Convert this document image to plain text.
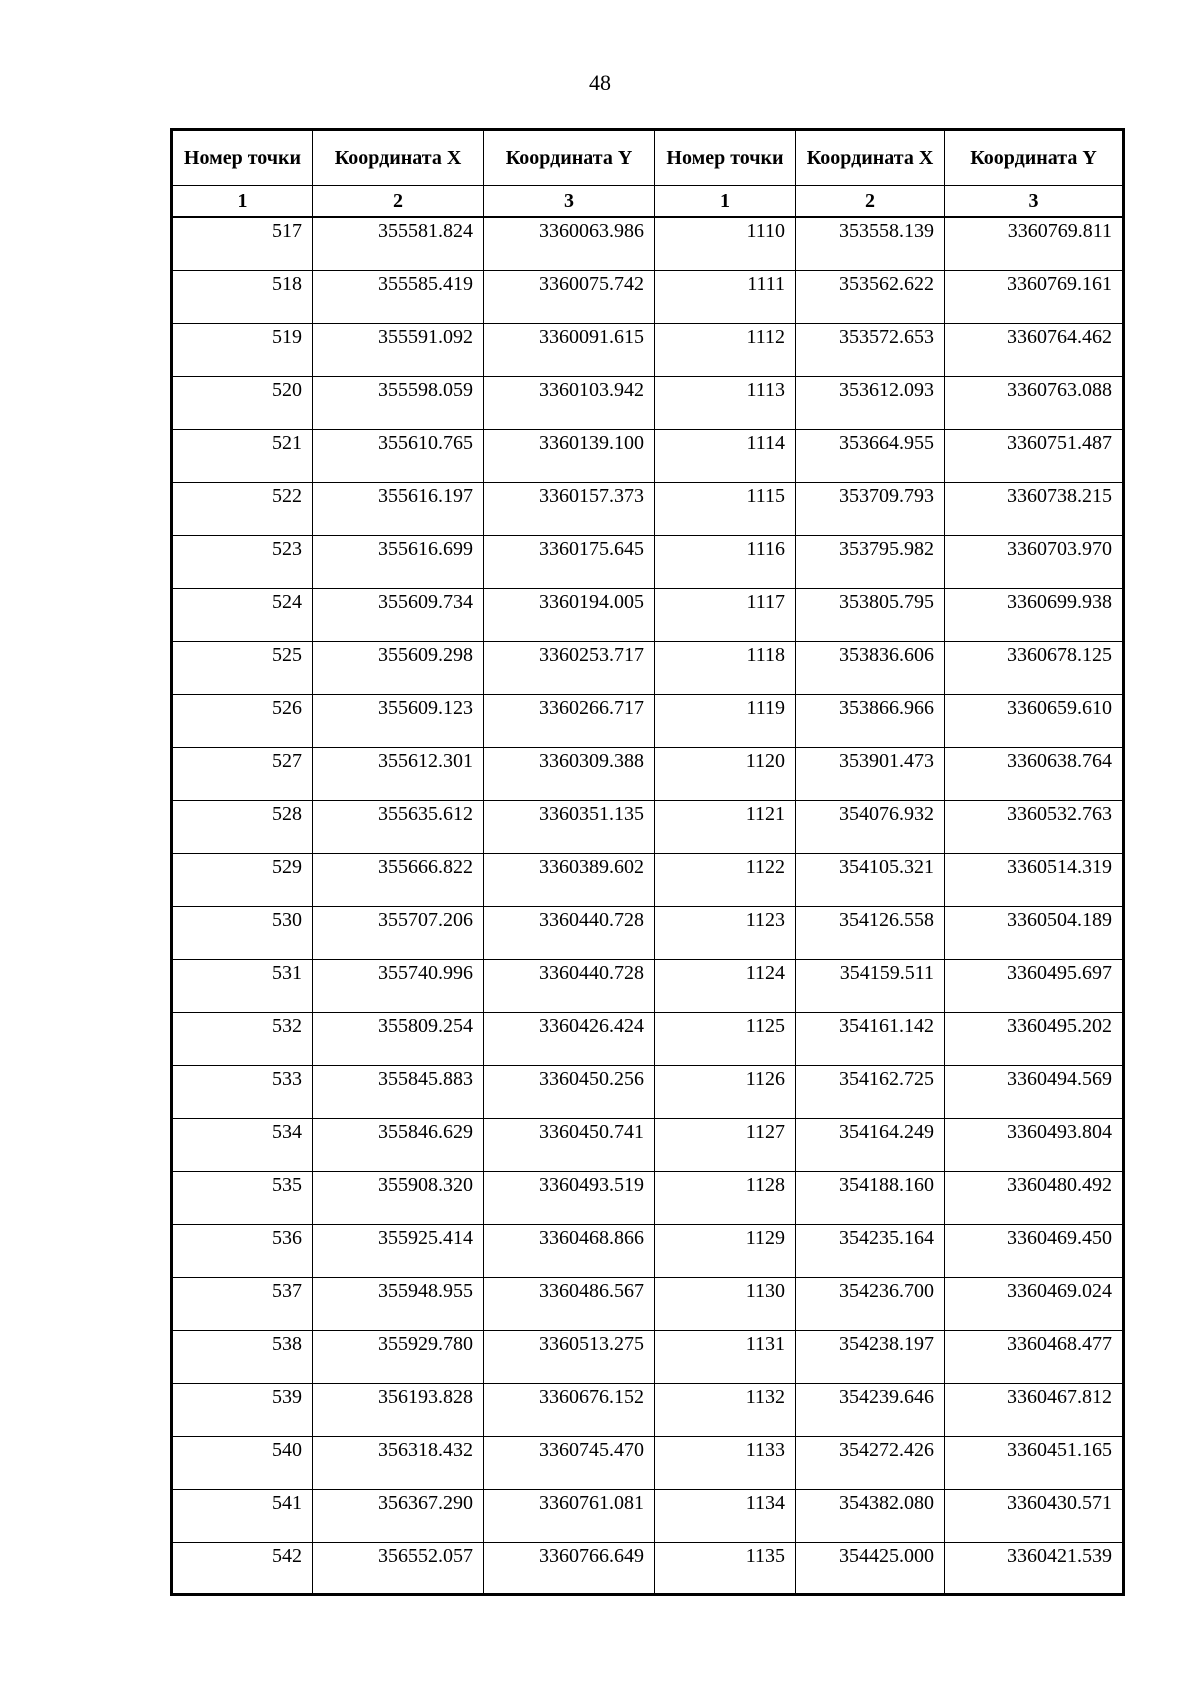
48
Номер точки	Координата X	Координата Y	Номер точки	Координата X	Координата Y
1	2	3	1	2	3
517	355581.824	3360063.986	1110	353558.139	3360769.811
518	355585.419	3360075.742	1111	353562.622	3360769.161
519	355591.092	3360091.615	1112	353572.653	3360764.462
520	355598.059	3360103.942	1113	353612.093	3360763.088
521	355610.765	3360139.100	1114	353664.955	3360751.487
522	355616.197	3360157.373	1115	353709.793	3360738.215
523	355616.699	3360175.645	1116	353795.982	3360703.970
524	355609.734	3360194.005	1117	353805.795	3360699.938
525	355609.298	3360253.717	1118	353836.606	3360678.125
526	355609.123	3360266.717	1119	353866.966	3360659.610
527	355612.301	3360309.388	1120	353901.473	3360638.764
528	355635.612	3360351.135	1121	354076.932	3360532.763
529	355666.822	3360389.602	1122	354105.321	3360514.319
530	355707.206	3360440.728	1123	354126.558	3360504.189
531	355740.996	3360440.728	1124	354159.511	3360495.697
532	355809.254	3360426.424	1125	354161.142	3360495.202
533	355845.883	3360450.256	1126	354162.725	3360494.569
534	355846.629	3360450.741	1127	354164.249	3360493.804
535	355908.320	3360493.519	1128	354188.160	3360480.492
536	355925.414	3360468.866	1129	354235.164	3360469.450
537	355948.955	3360486.567	1130	354236.700	3360469.024
538	355929.780	3360513.275	1131	354238.197	3360468.477
539	356193.828	3360676.152	1132	354239.646	3360467.812
540	356318.432	3360745.470	1133	354272.426	3360451.165
541	356367.290	3360761.081	1134	354382.080	3360430.571
542	356552.057	3360766.649	1135	354425.000	3360421.539
